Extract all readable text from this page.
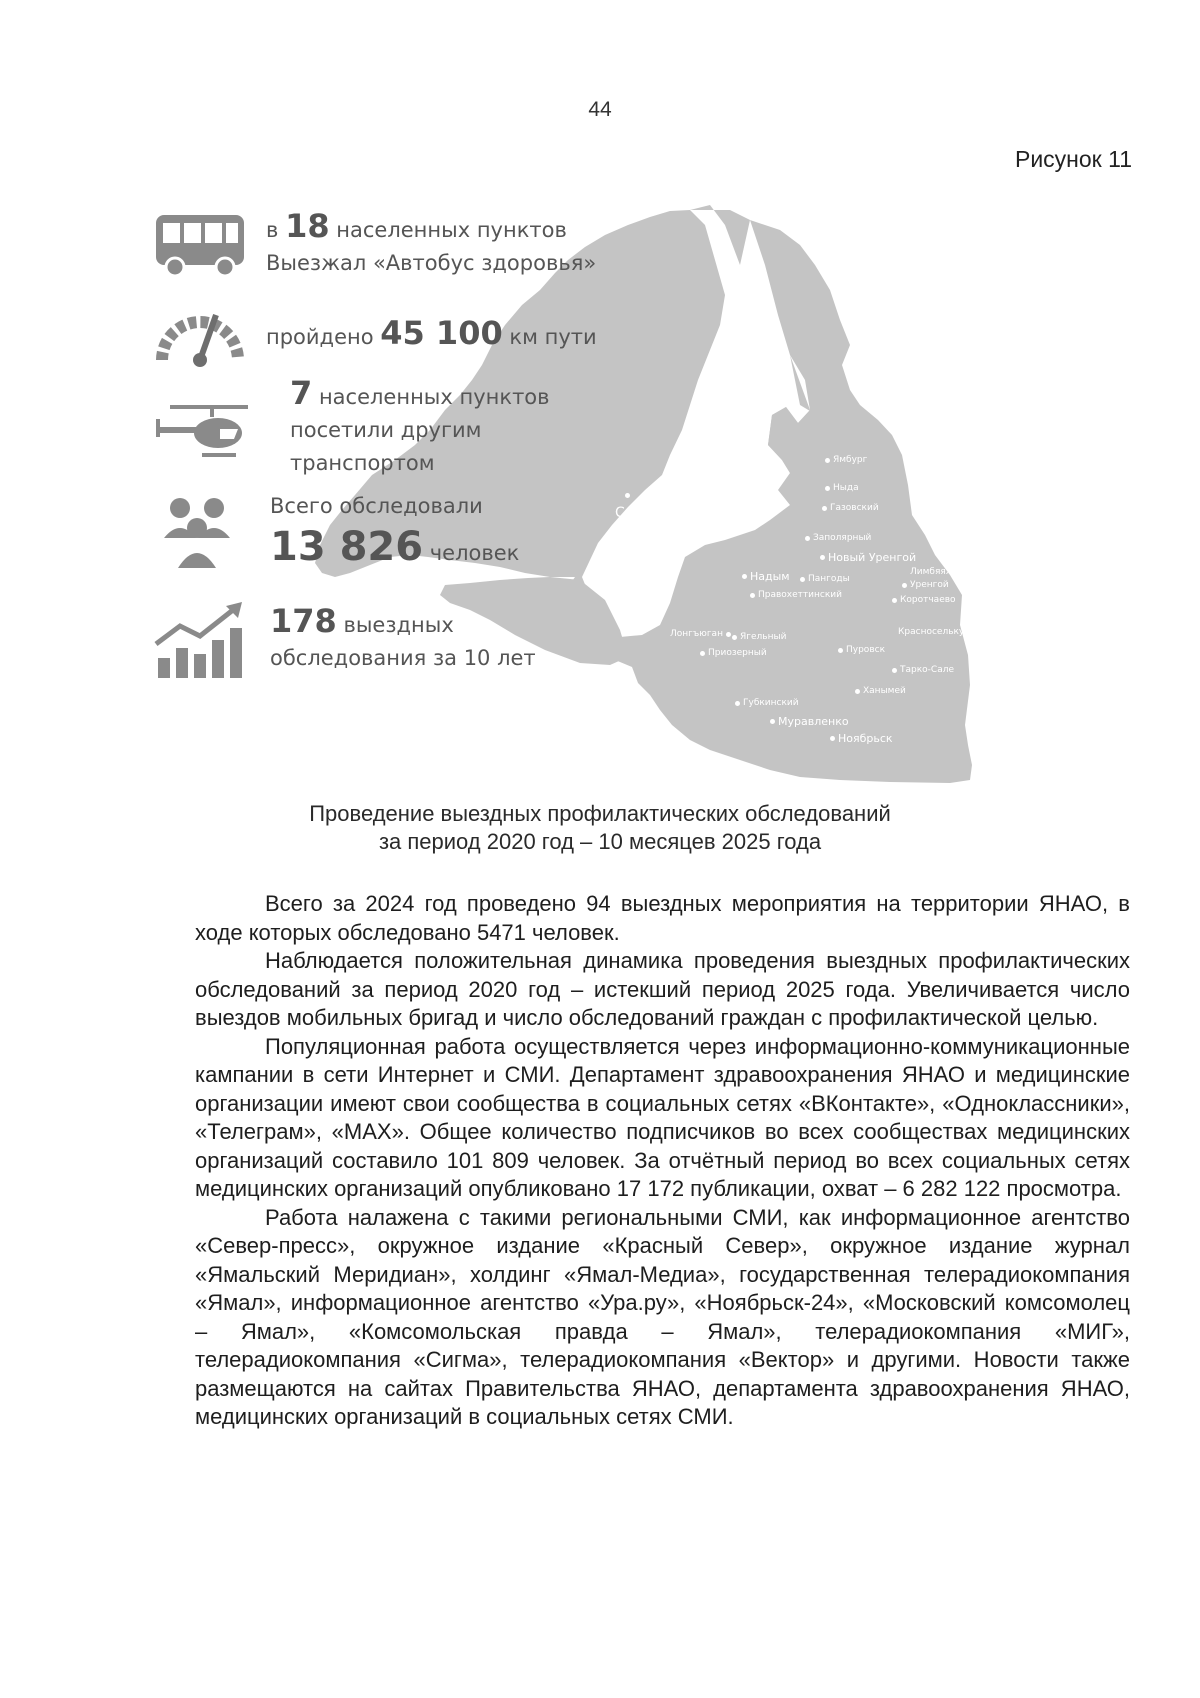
44
Рисунок 11
в 18 населенных пунктов
Выезжал «Автобус здоровья»
пройдено 45 100 км пути
7 населенных пунктов
посетили другим
транспортом
Всего обследовали
13 826 человек
178 выездных
обследования за 10 лет
Салехард
Ямбург
Ныда
Газовский
Заполярный
Новый Уренгой
Надым Пангоды
Правохеттинский
Лимбяяха
Уренгой
Коротчаево
Лонгъюган Ягельный
Приозерный	Пуровск
Красноселькуп
Тарко-Сале
Ханымей
Губкинский
Муравленко
Ноябрьск
Проведение выездных профилактических обследований
за период 2020 год – 10 месяцев 2025 года

Всего за 2024 год проведено 94 выездных мероприятия на территории ЯНАО, в ходе которых обследовано 5471 человек.

Наблюдается положительная динамика проведения выездных профилактических обследований за период 2020 год – истекший период 2025 года. Увеличивается число выездов мобильных бригад и число обследований граждан с профилактической целью.

Популяционная работа осуществляется через информационно-коммуникационные кампании в сети Интернет и СМИ. Департамент здравоохранения ЯНАО и медицинские организации имеют свои сообщества в социальных сетях «ВКонтакте», «Одноклассники», «Телеграм», «MAX». Общее количество подписчиков во всех сообществах медицинских организаций составило 101 809 человек. За отчётный период во всех социальных сетях медицинских организаций опубликовано 17 172 публикации, охват – 6 282 122 просмотра.

Работа налажена с такими региональными СМИ, как информационное агентство «Север-пресс», окружное издание «Красный Север», окружное издание журнал «Ямальский Меридиан», холдинг «Ямал-Медиа», государственная телерадиокомпания «Ямал», информационное агентство «Ура.ру», «Ноябрьск-24», «Московский комсомолец – Ямал», «Комсомольская правда – Ямал», телерадиокомпания «МИГ», телерадиокомпания «Сигма», телерадиокомпания «Вектор» и другими. Новости также размещаются на сайтах Правительства ЯНАО, департамента здравоохранения ЯНАО, медицинских организаций в социальных сетях СМИ.
